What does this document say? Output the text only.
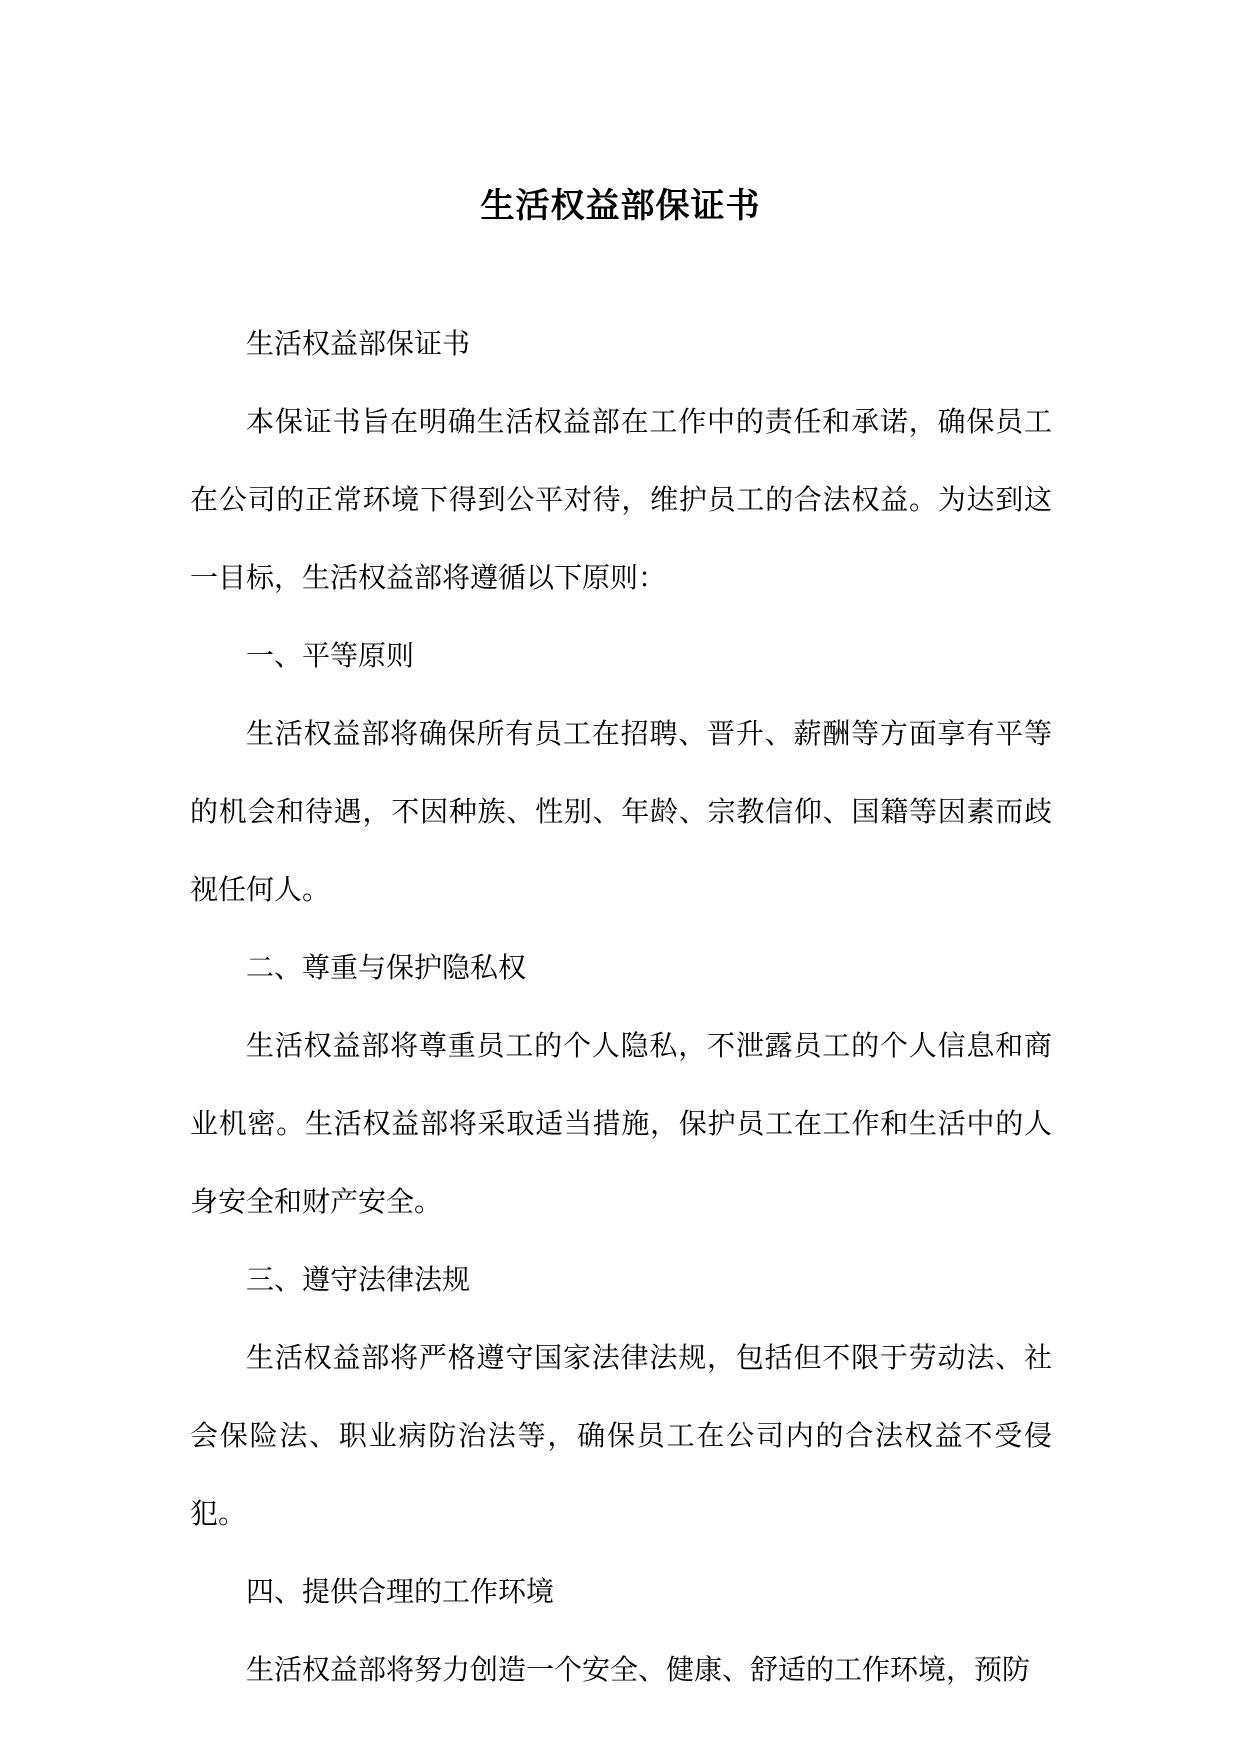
生活权益部保证书

生活权益部保证书

本保证书旨在明确生活权益部在工作中的责任和承诺，确保员工在公司的正常环境下得到公平对待，维护员工的合法权益。为达到这一目标，生活权益部将遵循以下原则：

一、平等原则

生活权益部将确保所有员工在招聘、晋升、薪酬等方面享有平等的机会和待遇，不因种族、性别、年龄、宗教信仰、国籍等因素而歧视任何人。

二、尊重与保护隐私权

生活权益部将尊重员工的个人隐私，不泄露员工的个人信息和商业机密。生活权益部将采取适当措施，保护员工在工作和生活中的人身安全和财产安全。

三、遵守法律法规

生活权益部将严格遵守国家法律法规，包括但不限于劳动法、社会保险法、职业病防治法等，确保员工在公司内的合法权益不受侵犯。

四、提供合理的工作环境

生活权益部将努力创造一个安全、健康、舒适的工作环境，预防
